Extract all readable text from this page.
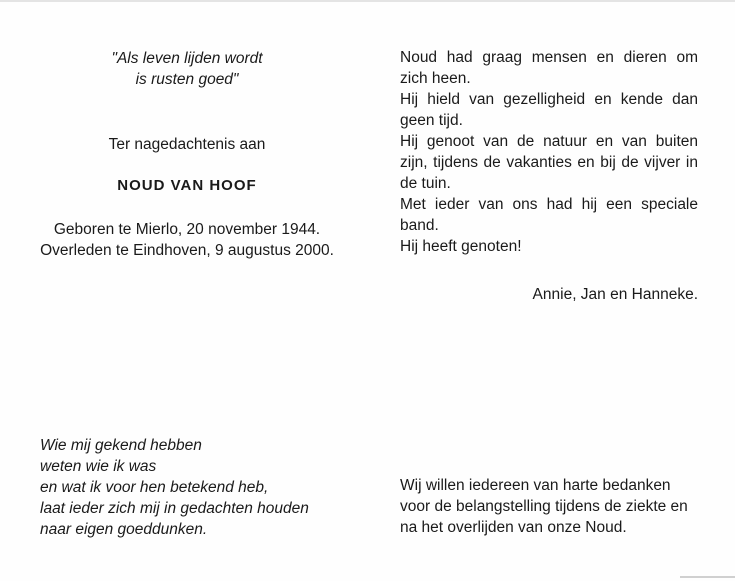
"Als leven lijden wordt
is rusten goed"
Ter nagedachtenis aan
NOUD VAN HOOF
Geboren te Mierlo, 20 november 1944.
Overleden te Eindhoven, 9 augustus 2000.
Noud had graag mensen en dieren om
zich heen.
Hij hield van gezelligheid en kende dan
geen tijd.
Hij genoot van de natuur en van buiten
zijn, tijdens de vakanties en bij de vijver in
de tuin.
Met ieder van ons had hij een speciale
band.
Hij heeft genoten!
Annie, Jan en Hanneke.
Wie mij gekend hebben
weten wie ik was
en wat ik voor hen betekend heb,
laat ieder zich mij in gedachten houden
naar eigen goeddunken.
Wij willen iedereen van harte bedanken
voor de belangstelling tijdens de ziekte en
na het overlijden van onze Noud.
